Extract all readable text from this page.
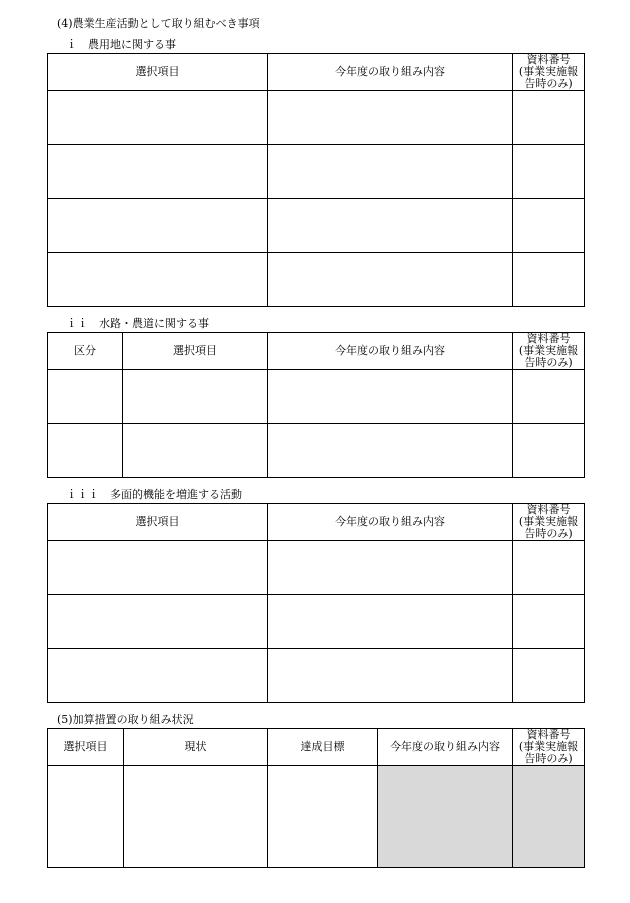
(4)農業生産活動として取り組むべき事項
ｉ　農用地に関する事
選択項目	今年度の取り組み内容	資料番号
(事業実施報
告時のみ)

ｉｉ　水路・農道に関する事
区分	選択項目	今年度の取り組み内容	資料番号
(事業実施報
告時のみ)

ｉｉｉ　多面的機能を増進する活動
選択項目	今年度の取り組み内容	資料番号
(事業実施報
告時のみ)

(5)加算措置の取り組み状況
選択項目	現状	達成目標	今年度の取り組み内容	資料番号
(事業実施報
告時のみ)
